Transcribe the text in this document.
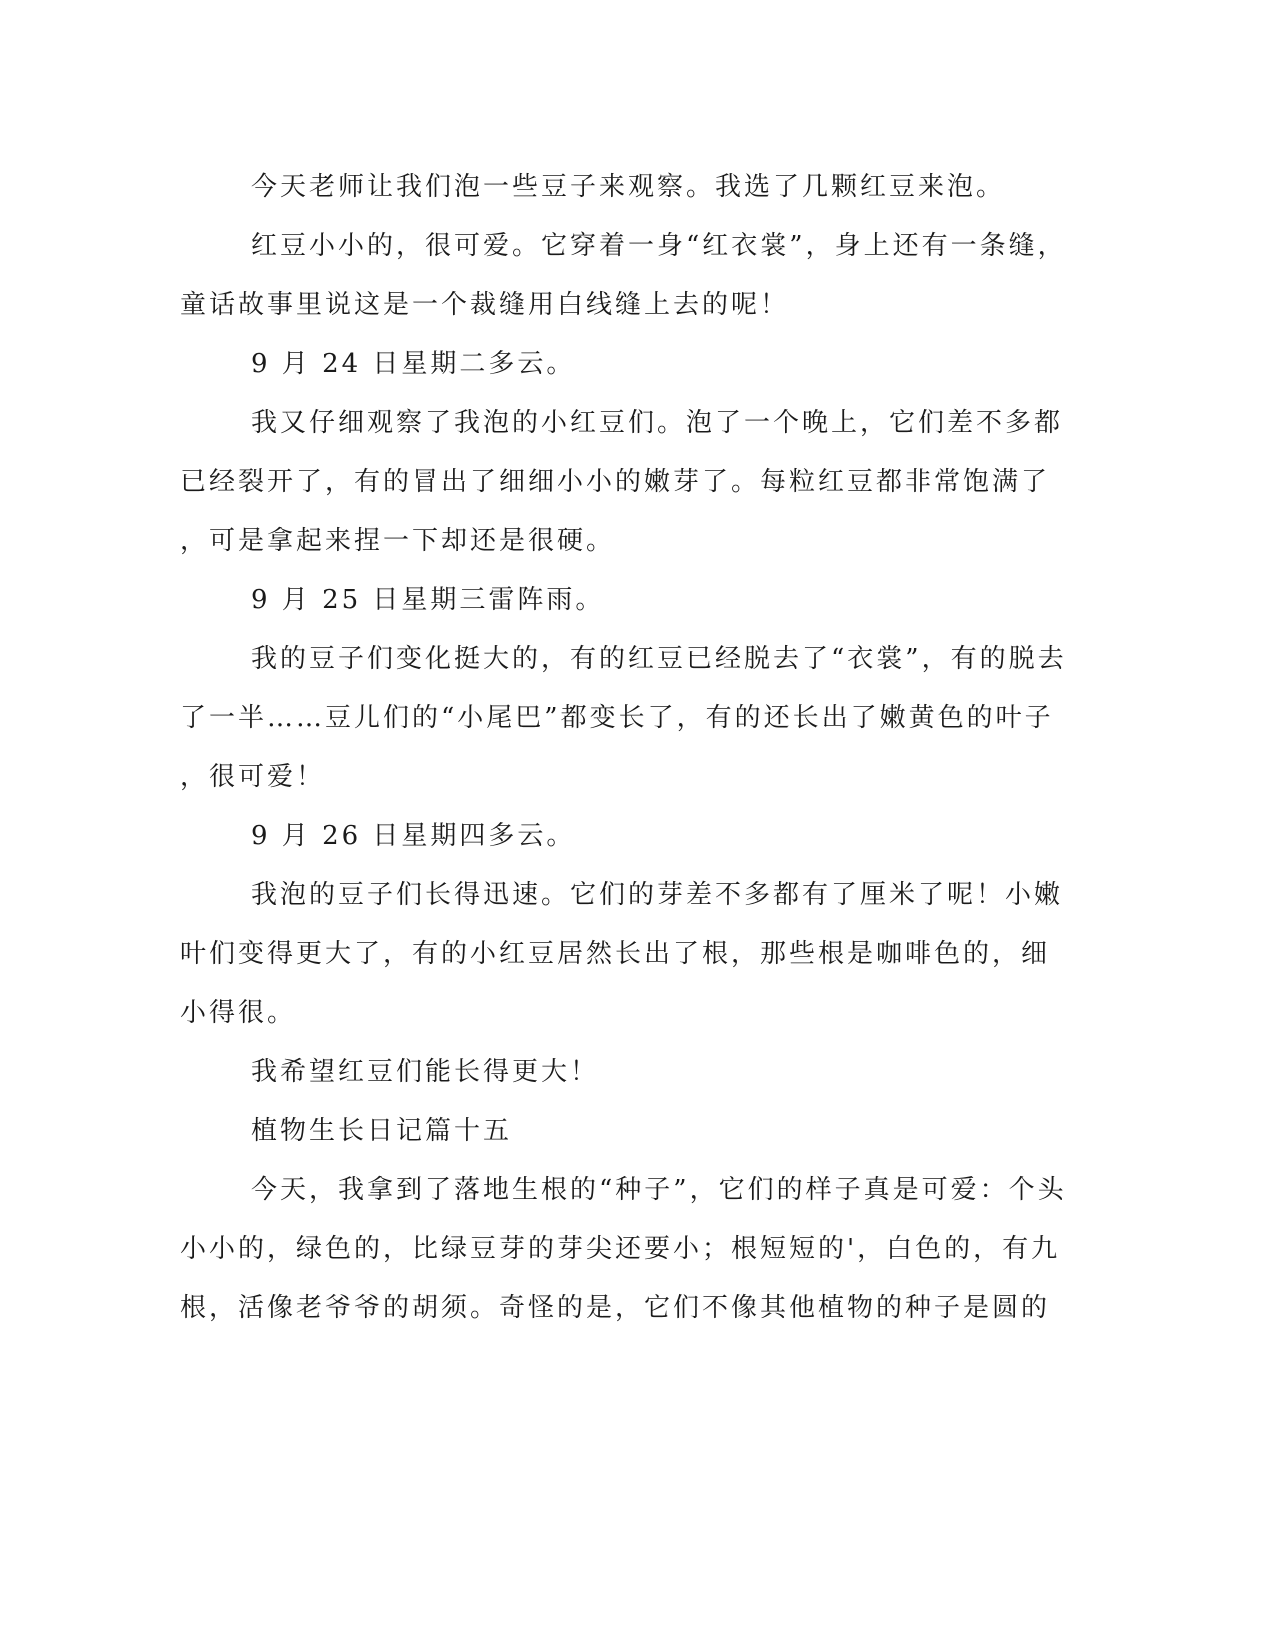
今天老师让我们泡一些豆子来观察。我选了几颗红豆来泡。
红豆小小的，很可爱。它穿着一身“红衣裳”，身上还有一条缝，
童话故事里说这是一个裁缝用白线缝上去的呢！
9 月 24 日星期二多云。
我又仔细观察了我泡的小红豆们。泡了一个晚上，它们差不多都
已经裂开了，有的冒出了细细小小的嫩芽了。每粒红豆都非常饱满了
，可是拿起来捏一下却还是很硬。
9 月 25 日星期三雷阵雨。
我的豆子们变化挺大的，有的红豆已经脱去了“衣裳”，有的脱去
了一半……豆儿们的“小尾巴”都变长了，有的还长出了嫩黄色的叶子
，很可爱！
9 月 26 日星期四多云。
我泡的豆子们长得迅速。它们的芽差不多都有了厘米了呢！小嫩
叶们变得更大了，有的小红豆居然长出了根，那些根是咖啡色的，细
小得很。
我希望红豆们能长得更大！
植物生长日记篇十五
今天，我拿到了落地生根的“种子”，它们的样子真是可爱：个头
小小的，绿色的，比绿豆芽的芽尖还要小；根短短的'，白色的，有九
根，活像老爷爷的胡须。奇怪的是，它们不像其他植物的种子是圆的
